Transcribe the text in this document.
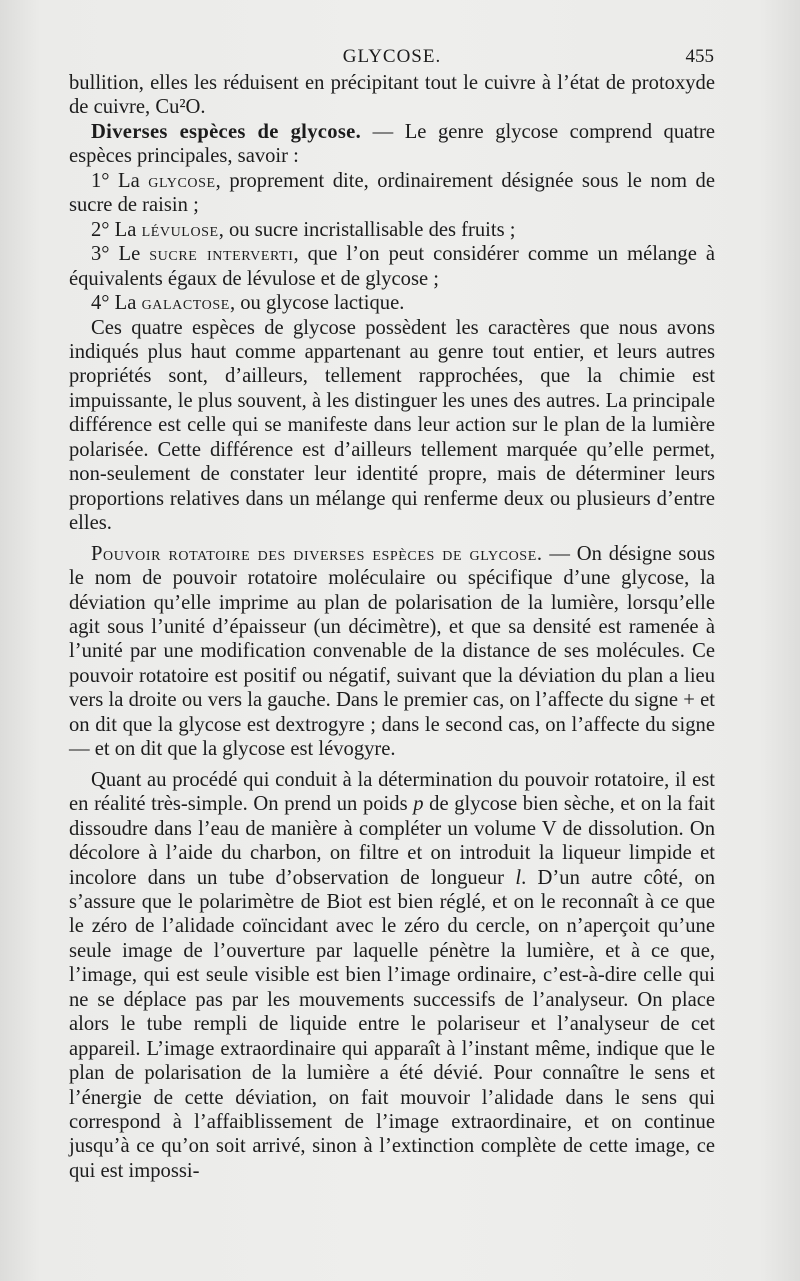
GLYCOSE.	455

bullition, elles les réduisent en précipitant tout le cuivre à l’état de protoxyde de cuivre, Cu²O.

Diverses espèces de glycose. — Le genre glycose comprend quatre espèces principales, savoir :

1° La glycose, proprement dite, ordinairement désignée sous le nom de sucre de raisin ;

2° La lévulose, ou sucre incristallisable des fruits ;

3° Le sucre interverti, que l’on peut considérer comme un mélange à équivalents égaux de lévulose et de glycose ;

4° La galactose, ou glycose lactique.

Ces quatre espèces de glycose possèdent les caractères que nous avons indiqués plus haut comme appartenant au genre tout entier, et leurs autres propriétés sont, d’ailleurs, tellement rapprochées, que la chimie est impuissante, le plus souvent, à les distinguer les unes des autres. La principale différence est celle qui se manifeste dans leur action sur le plan de la lumière polarisée. Cette différence est d’ailleurs tellement marquée qu’elle permet, non-seulement de constater leur identité propre, mais de déterminer leurs proportions relatives dans un mélange qui renferme deux ou plusieurs d’entre elles.

Pouvoir rotatoire des diverses espèces de glycose. — On désigne sous le nom de pouvoir rotatoire moléculaire ou spécifique d’une glycose, la déviation qu’elle imprime au plan de polarisation de la lumière, lorsqu’elle agit sous l’unité d’épaisseur (un décimètre), et que sa densité est ramenée à l’unité par une modification convenable de la distance de ses molécules. Ce pouvoir rotatoire est positif ou négatif, suivant que la déviation du plan a lieu vers la droite ou vers la gauche. Dans le premier cas, on l’affecte du signe + et on dit que la glycose est dextrogyre ; dans le second cas, on l’affecte du signe — et on dit que la glycose est lévogyre.

Quant au procédé qui conduit à la détermination du pouvoir rotatoire, il est en réalité très-simple. On prend un poids p de glycose bien sèche, et on la fait dissoudre dans l’eau de manière à compléter un volume V de dissolution. On décolore à l’aide du charbon, on filtre et on introduit la liqueur limpide et incolore dans un tube d’observation de longueur l. D’un autre côté, on s’assure que le polarimètre de Biot est bien réglé, et on le reconnaît à ce que le zéro de l’alidade coïncidant avec le zéro du cercle, on n’aperçoit qu’une seule image de l’ouverture par laquelle pénètre la lumière, et à ce que, l’image, qui est seule visible est bien l’image ordinaire, c’est-à-dire celle qui ne se déplace pas par les mouvements successifs de l’analyseur. On place alors le tube rempli de liquide entre le polariseur et l’analyseur de cet appareil. L’image extraordinaire qui apparaît à l’instant même, indique que le plan de polarisation de la lumière a été dévié. Pour connaître le sens et l’énergie de cette déviation, on fait mouvoir l’alidade dans le sens qui correspond à l’affaiblissement de l’image extraordinaire, et on continue jusqu’à ce qu’on soit arrivé, sinon à l’extinction complète de cette image, ce qui est impossi-
